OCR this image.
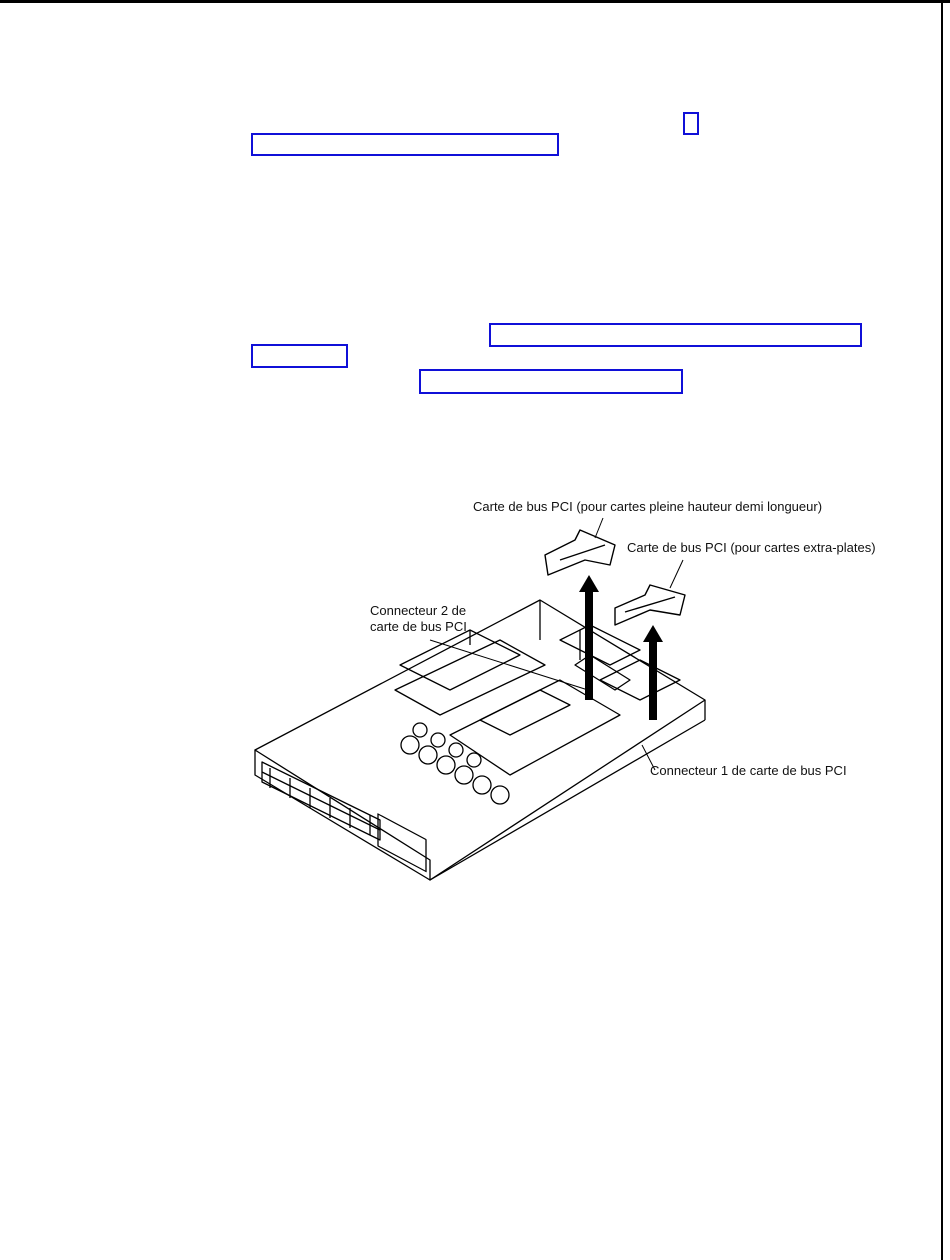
Carte de bus PCI (pour cartes pleine hauteur demi longueur)
Carte de bus PCI (pour cartes extra-plates)
Connecteur 2 de
carte de bus PCI
Connecteur 1 de carte de bus PCI
